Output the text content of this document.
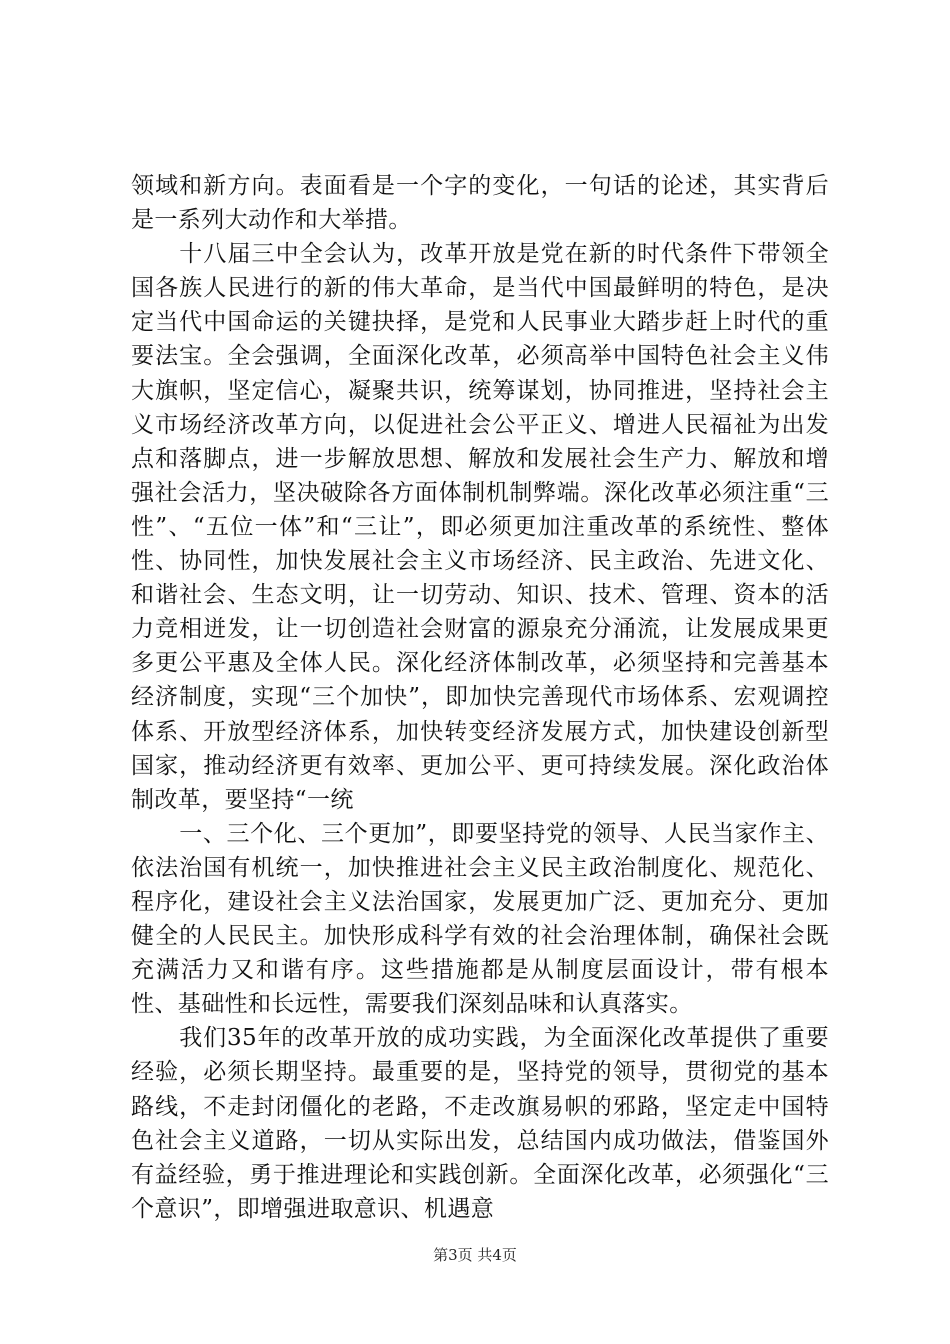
领域和新方向。表面看是一个字的变化，一句话的论述，其实背后是一系列大动作和大举措。

十八届三中全会认为，改革开放是党在新的时代条件下带领全国各族人民进行的新的伟大革命，是当代中国最鲜明的特色，是决定当代中国命运的关键抉择，是党和人民事业大踏步赶上时代的重要法宝。全会强调，全面深化改革，必须高举中国特色社会主义伟大旗帜，坚定信心，凝聚共识，统筹谋划，协同推进，坚持社会主义市场经济改革方向，以促进社会公平正义、增进人民福祉为出发点和落脚点，进一步解放思想、解放和发展社会生产力、解放和增强社会活力，坚决破除各方面体制机制弊端。深化改革必须注重“三性”、“五位一体”和“三让”，即必须更加注重改革的系统性、整体性、协同性，加快发展社会主义市场经济、民主政治、先进文化、和谐社会、生态文明，让一切劳动、知识、技术、管理、资本的活力竞相迸发，让一切创造社会财富的源泉充分涌流，让发展成果更多更公平惠及全体人民。深化经济体制改革，必须坚持和完善基本经济制度，实现“三个加快”，即加快完善现代市场体系、宏观调控体系、开放型经济体系，加快转变经济发展方式，加快建设创新型国家，推动经济更有效率、更加公平、更可持续发展。深化政治体制改革，要坚持“一统

一、三个化、三个更加”，即要坚持党的领导、人民当家作主、依法治国有机统一，加快推进社会主义民主政治制度化、规范化、程序化，建设社会主义法治国家，发展更加广泛、更加充分、更加健全的人民民主。加快形成科学有效的社会治理体制，确保社会既充满活力又和谐有序。这些措施都是从制度层面设计，带有根本性、基础性和长远性，需要我们深刻品味和认真落实。

我们35年的改革开放的成功实践，为全面深化改革提供了重要经验，必须长期坚持。最重要的是，坚持党的领导，贯彻党的基本路线，不走封闭僵化的老路，不走改旗易帜的邪路，坚定走中国特色社会主义道路，一切从实际出发，总结国内成功做法，借鉴国外有益经验，勇于推进理论和实践创新。全面深化改革，必须强化“三个意识”，即增强进取意识、机遇意

第3页 共4页
